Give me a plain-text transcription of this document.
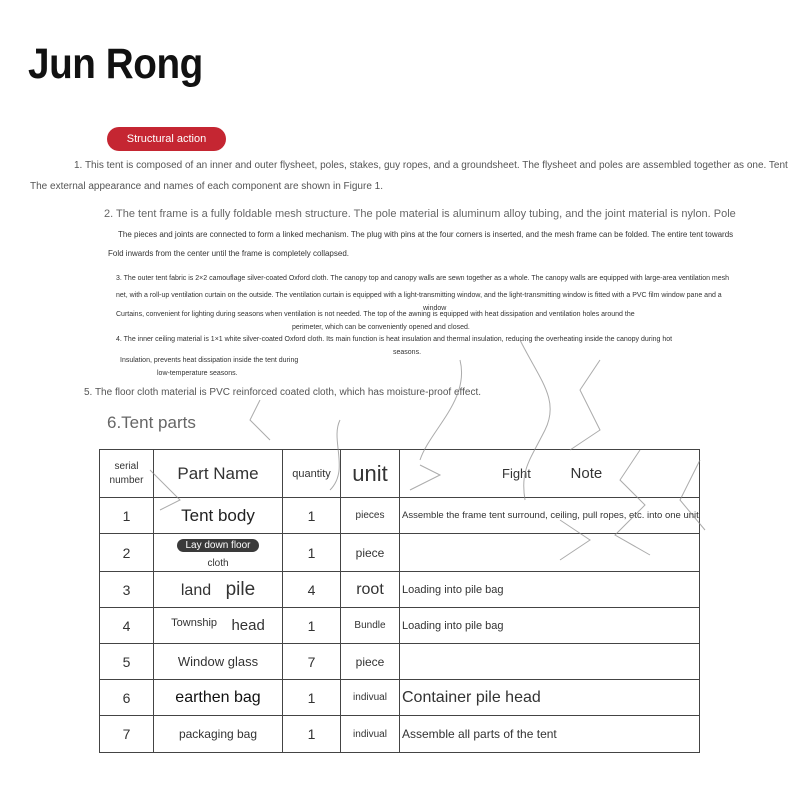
Jun Rong
Structural action
1. This tent is composed of an inner and outer flysheet, poles, stakes, guy ropes, and a groundsheet. The flysheet and poles are assembled together as one. Tent
The external appearance and names of each component are shown in Figure 1.
2. The tent frame is a fully foldable mesh structure. The pole material is aluminum alloy tubing, and the joint material is nylon. Pole
The pieces and joints are connected to form a linked mechanism. The plug with pins at the four corners is inserted, and the mesh frame can be folded. The entire tent towards
Fold inwards from the center until the frame is completely collapsed.
3. The outer tent fabric is 2×2 camouflage silver-coated Oxford cloth. The canopy top and canopy walls are sewn together as a whole. The canopy walls are equipped with large-area ventilation mesh
window
net, with a roll-up ventilation curtain on the outside. The ventilation curtain is equipped with a light-transmitting window, and the light-transmitting window is fitted with a PVC film window pane and a
Curtains, convenient for lighting during seasons when ventilation is not needed. The top of the awning is equipped with heat dissipation and ventilation holes around the
perimeter, which can be conveniently opened and closed.
4. The inner ceiling material is 1×1 white silver-coated Oxford cloth. Its main function is heat insulation and thermal insulation, reducing the overheating inside the canopy during hot
seasons.
Insulation, prevents heat dissipation inside the tent during
low-temperature seasons.
5. The floor cloth material is PVC reinforced coated cloth, which has moisture-proof effect.
6.Tent parts
serial
number	Part Name	quantity	unit	Fight Note
1	Tent body	1	pieces	Assemble the frame tent surround, ceiling, pull ropes, etc. into one unit
2	Lay down floor
cloth	1	piece	
3	land pile	4	root	Loading into pile bag
4	$^{Township}$ head	1	Bundle	Loading into pile bag
5	Window glass	7	piece	
6	earthen bag	1	indivual	Container pile head
7	packaging bag	1	indivual	Assemble all parts of the tent
